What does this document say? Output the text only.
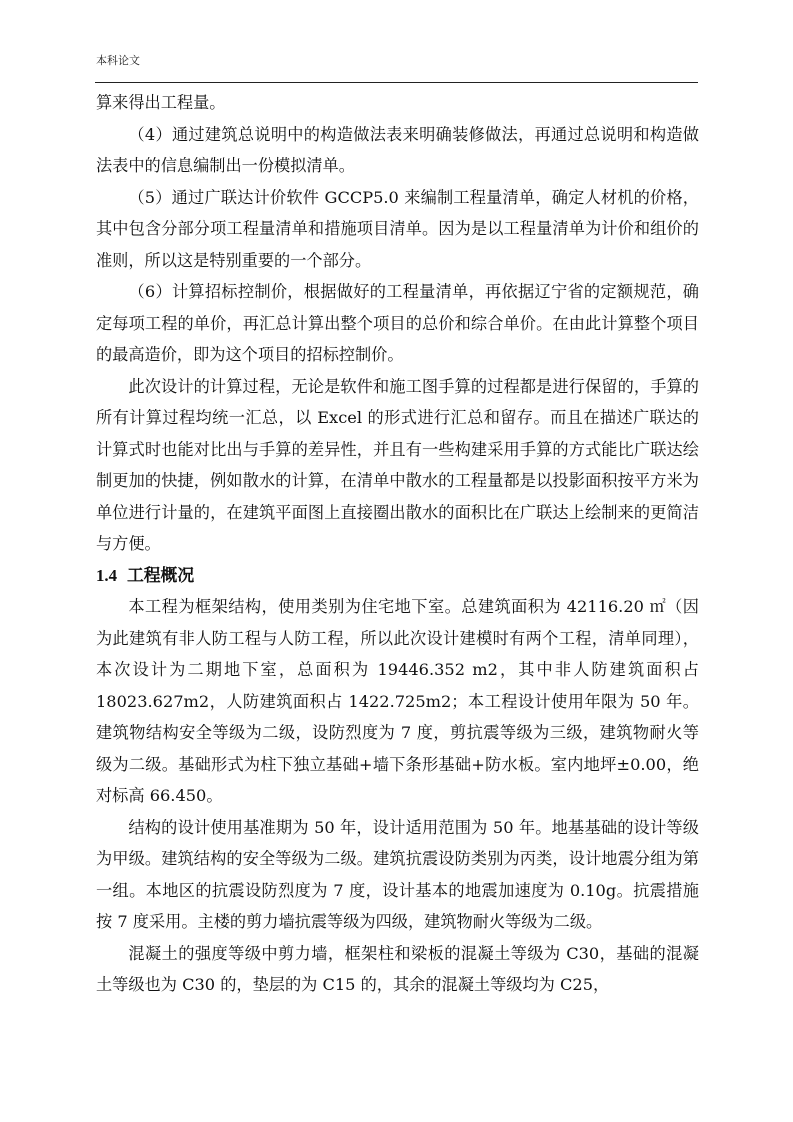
本科论文

算来得出工程量。

（4）通过建筑总说明中的构造做法表来明确装修做法，再通过总说明和构造做法表中的信息编制出一份模拟清单。

（5）通过广联达计价软件 GCCP5.0 来编制工程量清单，确定人材机的价格，其中包含分部分项工程量清单和措施项目清单。因为是以工程量清单为计价和组价的准则，所以这是特别重要的一个部分。

（6）计算招标控制价，根据做好的工程量清单，再依据辽宁省的定额规范，确定每项工程的单价，再汇总计算出整个项目的总价和综合单价。在由此计算整个项目的最高造价，即为这个项目的招标控制价。

此次设计的计算过程，无论是软件和施工图手算的过程都是进行保留的，手算的所有计算过程均统一汇总，以 Excel 的形式进行汇总和留存。而且在描述广联达的计算式时也能对比出与手算的差异性，并且有一些构建采用手算的方式能比广联达绘制更加的快捷，例如散水的计算，在清单中散水的工程量都是以投影面积按平方米为单位进行计量的，在建筑平面图上直接圈出散水的面积比在广联达上绘制来的更简洁与方便。

1.4 工程概况

本工程为框架结构，使用类别为住宅地下室。总建筑面积为 42116.20 ㎡（因为此建筑有非人防工程与人防工程，所以此次设计建模时有两个工程，清单同理），本次设计为二期地下室，总面积为 19446.352 m2，其中非人防建筑面积占 18023.627m2，人防建筑面积占 1422.725m2；本工程设计使用年限为 50 年。建筑物结构安全等级为二级，设防烈度为 7 度，剪抗震等级为三级，建筑物耐火等级为二级。基础形式为柱下独立基础+墙下条形基础+防水板。室内地坪±0.00，绝对标高 66.450。

结构的设计使用基准期为 50 年，设计适用范围为 50 年。地基基础的设计等级为甲级。建筑结构的安全等级为二级。建筑抗震设防类别为丙类，设计地震分组为第一组。本地区的抗震设防烈度为 7 度，设计基本的地震加速度为 0.10g。抗震措施按 7 度采用。主楼的剪力墙抗震等级为四级，建筑物耐火等级为二级。

混凝土的强度等级中剪力墙，框架柱和梁板的混凝土等级为 C30，基础的混凝土等级也为 C30 的，垫层的为 C15 的，其余的混凝土等级均为 C25，
